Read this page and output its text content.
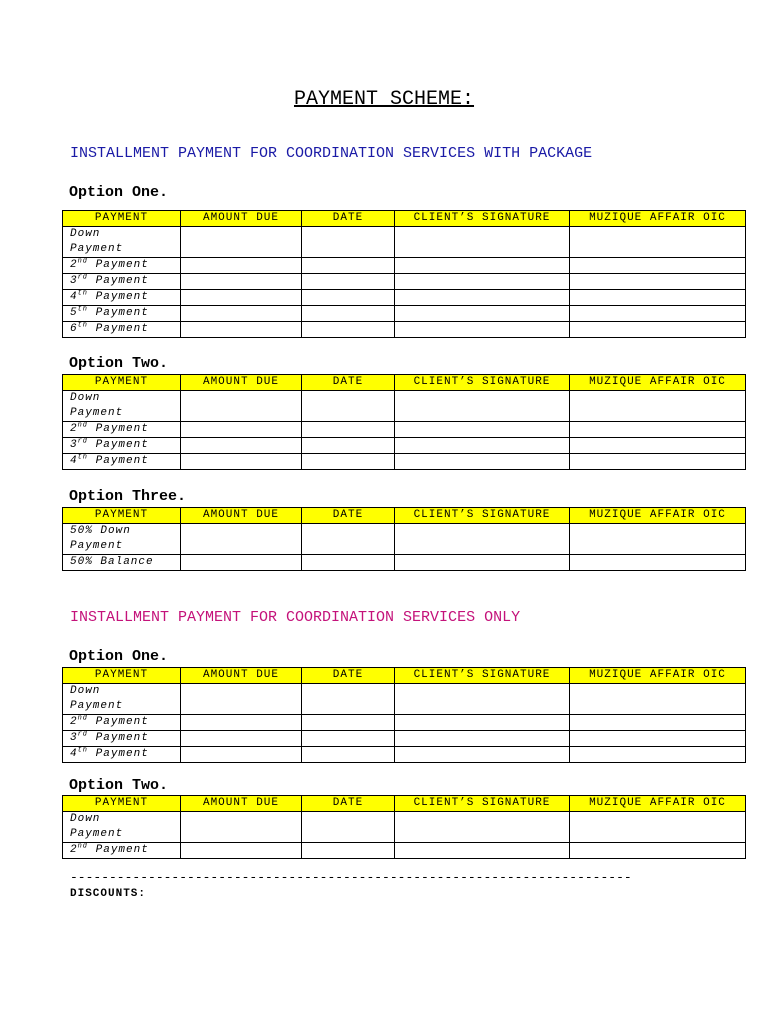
PAYMENT SCHEME:
INSTALLMENT PAYMENT FOR COORDINATION SERVICES WITH PACKAGE
Option One.
PAYMENT	AMOUNT DUE	DATE	CLIENT’S SIGNATURE	MUZIQUE AFFAIR OIC

Down
Payment				

2nd Payment				
3rd Payment				
4th Payment				
5th Payment				
6th Payment				
Option Two.
PAYMENT	AMOUNT DUE	DATE	CLIENT’S SIGNATURE	MUZIQUE AFFAIR OIC

Down
Payment				

2nd Payment				
3rd Payment				
4th Payment				
Option Three.
PAYMENT	AMOUNT DUE	DATE	CLIENT’S SIGNATURE	MUZIQUE AFFAIR OIC

50% Down
Payment				

50% Balance				
INSTALLMENT PAYMENT FOR COORDINATION SERVICES ONLY
Option One.
PAYMENT	AMOUNT DUE	DATE	CLIENT’S SIGNATURE	MUZIQUE AFFAIR OIC

Down
Payment				

2nd Payment				
3rd Payment				
4th Payment				
Option Two.
PAYMENT	AMOUNT DUE	DATE	CLIENT’S SIGNATURE	MUZIQUE AFFAIR OIC

Down
Payment				

2nd Payment				
------------------------------------------------------------------------
DISCOUNTS:
